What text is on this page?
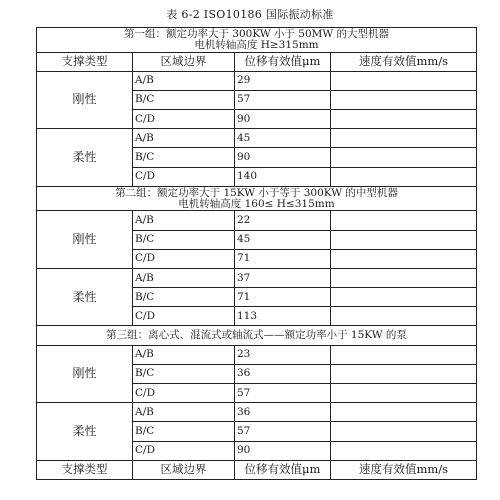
表 6-2 ISO10186 国际振动标准
第一组：额定功率大于 300KW 小于 50MW 的大型机器
电机转轴高度 H≥315mm			

支撑类型	区域边界	位移有效值μm	速度有效值mm/s
刚性	A/B	29	
	B/C	57	
	C/D	90	
柔性	A/B	45	
	B/C	90	
	C/D	140	

第二组：额定功率大于 15KW 小于等于 300KW 的中型机器
电机转轴高度 160≤ H≤315mm			

刚性	A/B	22	
	B/C	45	
	C/D	71	
柔性	A/B	37	
	B/C	71	
	C/D	113	

第三组：离心式、混流式或轴流式——额定功率小于 15KW 的泵			

刚性	A/B	23	
	B/C	36	
	C/D	57	
柔性	A/B	36	
	B/C	57	
	C/D	90	
支撑类型	区域边界	位移有效值μm	速度有效值mm/s
